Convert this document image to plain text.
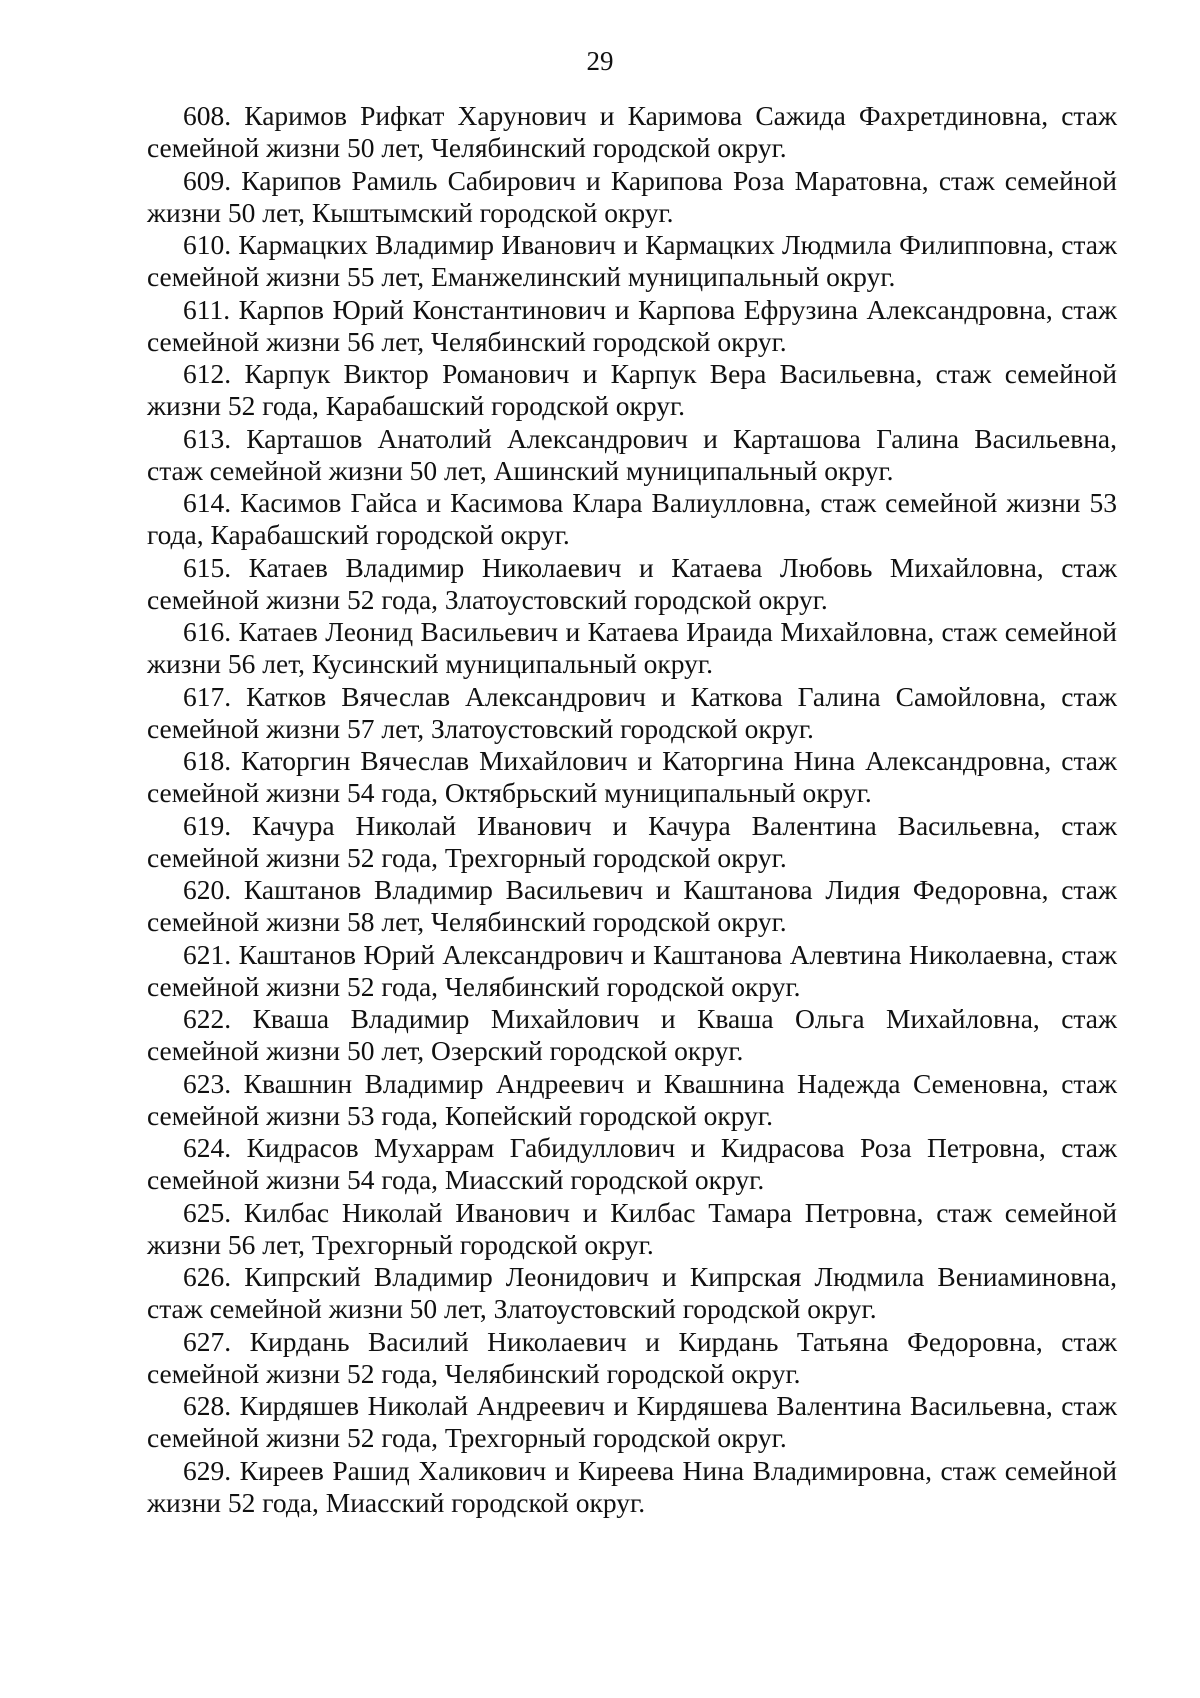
29
608. Каримов Рифкат Харунович и Каримова Сажида Фахретдиновна, стаж семейной жизни 50 лет, Челябинский городской округ.
609. Карипов Рамиль Сабирович и Карипова Роза Маратовна, стаж семейной жизни 50 лет, Кыштымский городской округ.
610. Кармацких Владимир Иванович и Кармацких Людмила Филипповна, стаж семейной жизни 55 лет, Еманжелинский муниципальный округ.
611. Карпов Юрий Константинович и Карпова Ефрузина Александровна, стаж семейной жизни 56 лет, Челябинский городской округ.
612. Карпук Виктор Романович и Карпук Вера Васильевна, стаж семейной жизни 52 года, Карабашский городской округ.
613. Карташов Анатолий Александрович и Карташова Галина Васильевна, стаж семейной жизни 50 лет, Ашинский муниципальный округ.
614. Касимов Гайса и Касимова Клара Валиулловна, стаж семейной жизни 53 года, Карабашский городской округ.
615. Катаев Владимир Николаевич и Катаева Любовь Михайловна, стаж семейной жизни 52 года, Златоустовский городской округ.
616. Катаев Леонид Васильевич и Катаева Ираида Михайловна, стаж семейной жизни 56 лет, Кусинский муниципальный округ.
617. Катков Вячеслав Александрович и Каткова Галина Самойловна, стаж семейной жизни 57 лет, Златоустовский городской округ.
618. Каторгин Вячеслав Михайлович и Каторгина Нина Александровна, стаж семейной жизни 54 года, Октябрьский муниципальный округ.
619. Качура Николай Иванович и Качура Валентина Васильевна, стаж семейной жизни 52 года, Трехгорный городской округ.
620. Каштанов Владимир Васильевич и Каштанова Лидия Федоровна, стаж семейной жизни 58 лет, Челябинский городской округ.
621. Каштанов Юрий Александрович и Каштанова Алевтина Николаевна, стаж семейной жизни 52 года, Челябинский городской округ.
622. Кваша Владимир Михайлович и Кваша Ольга Михайловна, стаж семейной жизни 50 лет, Озерский городской округ.
623. Квашнин Владимир Андреевич и Квашнина Надежда Семеновна, стаж семейной жизни 53 года, Копейский городской округ.
624. Кидрасов Мухаррам Габидуллович и Кидрасова Роза Петровна, стаж семейной жизни 54 года, Миасский городской округ.
625. Килбас Николай Иванович и Килбас Тамара Петровна, стаж семейной жизни 56 лет, Трехгорный городской округ.
626. Кипрский Владимир Леонидович и Кипрская Людмила Вениаминовна, стаж семейной жизни 50 лет, Златоустовский городской округ.
627. Кирдань Василий Николаевич и Кирдань Татьяна Федоровна, стаж семейной жизни 52 года, Челябинский городской округ.
628. Кирдяшев Николай Андреевич и Кирдяшева Валентина Васильевна, стаж семейной жизни 52 года, Трехгорный городской округ.
629. Киреев Рашид Халикович и Киреева Нина Владимировна, стаж семейной жизни 52 года, Миасский городской округ.
